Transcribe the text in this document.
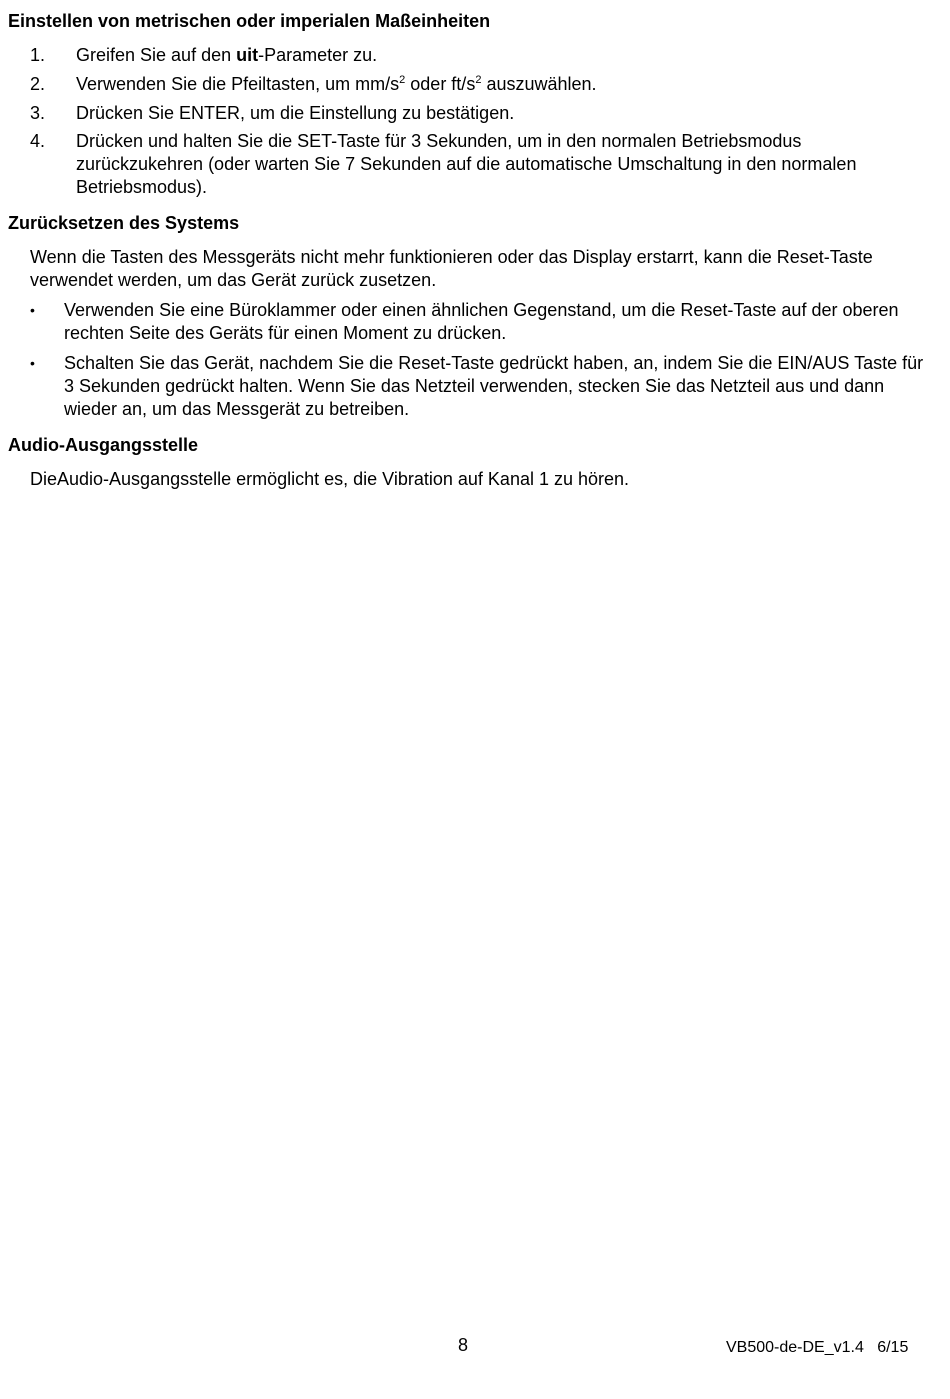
Einstellen von metrischen oder imperialen Maßeinheiten
1. Greifen Sie auf den uit-Parameter zu.
2. Verwenden Sie die Pfeiltasten, um $mm/s^2$ oder $ft/s^2$ auszuwählen.
3. Drücken Sie ENTER, um die Einstellung zu bestätigen.
4. Drücken und halten Sie die SET-Taste für 3 Sekunden, um in den normalen Betriebsmodus zurückzukehren (oder warten Sie 7 Sekunden auf die automatische Umschaltung in den normalen Betriebsmodus).
Zurücksetzen des Systems

Wenn die Tasten des Messgeräts nicht mehr funktionieren oder das Display erstarrt, kann die Reset-Taste verwendet werden, um das Gerät zurück zusetzen.

• Verwenden Sie eine Büroklammer oder einen ähnlichen Gegenstand, um die Reset-Taste auf der oberen rechten Seite des Geräts für einen Moment zu drücken.
• Schalten Sie das Gerät, nachdem Sie die Reset-Taste gedrückt haben, an, indem Sie die EIN/AUS Taste für 3 Sekunden gedrückt halten. Wenn Sie das Netzteil verwenden, stecken Sie das Netzteil aus und dann wieder an, um das Messgerät zu betreiben.
Audio-Ausgangsstelle

DieAudio-Ausgangsstelle ermöglicht es, die Vibration auf Kanal 1 zu hören.

8	VB500-de-DE_v1.4   6/15
